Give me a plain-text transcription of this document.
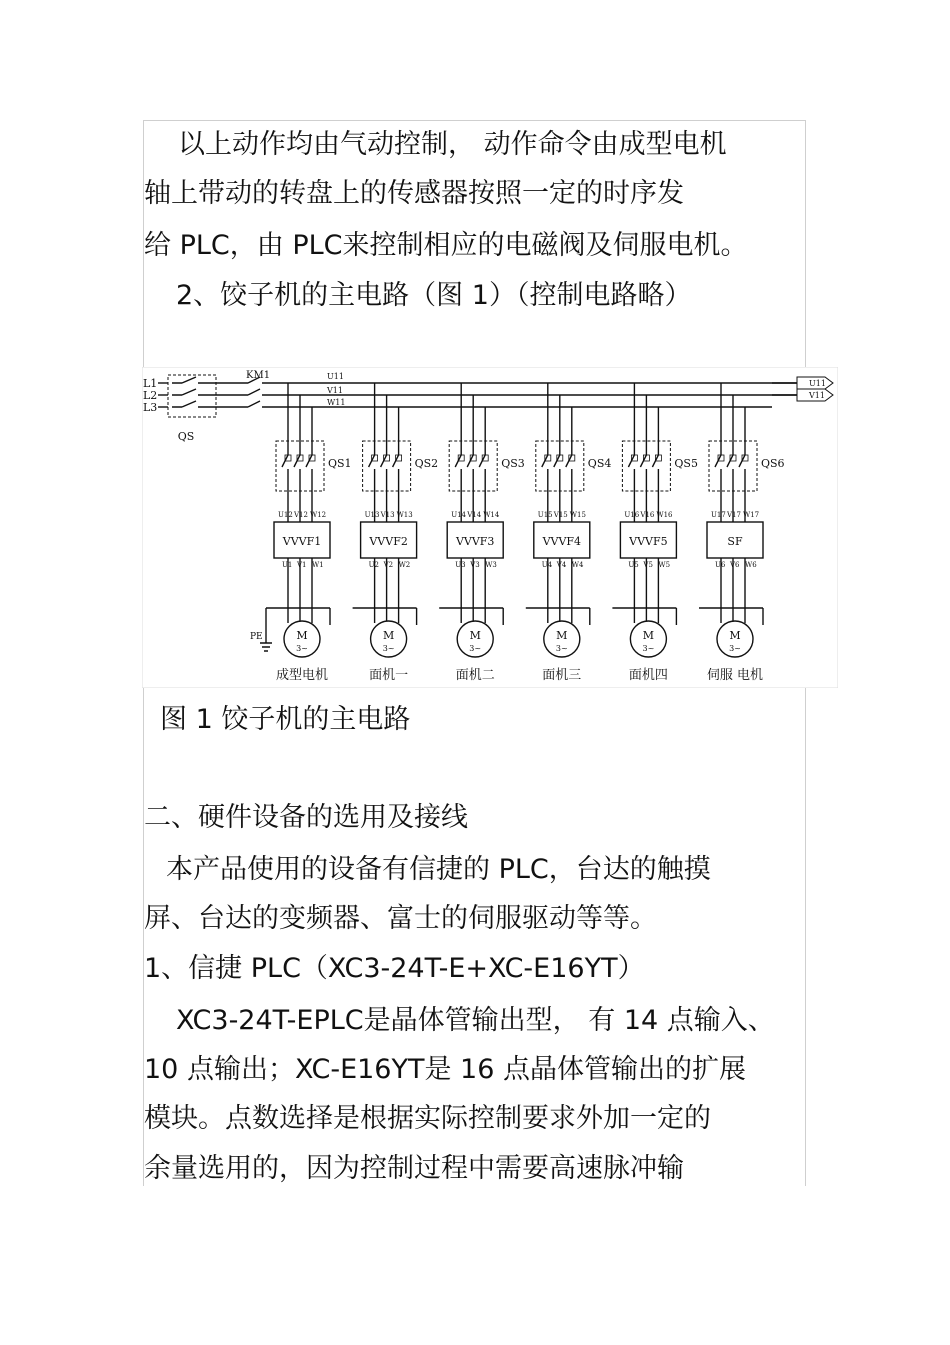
以上动作均由气动控制， 动作命令由成型电机
轴上带动的转盘上的传感器按照一定的时序发
给 PLC，由 PLC来控制相应的电磁阀及伺服电机。
2、饺子机的主电路（图 1）（控制电路略）
L1
L2
L3
QS
KM1	U11
V11
W11
U11
V11
QS1
U12 V12 W12
VVVF1
U1 V1 W1
M
3~
成型电机
QS2
U13 V13 W13
VVVF2
U2 V2 W2
M
3~
面机一
QS3
U14 V14 W14
VVVF3
U3 V3 W3
M
3~
面机二
QS4
U15 V15 W15
VVVF4
U4 V4 W4
M
3~
面机三
QS5
U16 V16 W16
VVVF5
U5 V5 W5
M
3~
面机四
QS6
U17 V17 W17
SF
U6 V6 W6
M
3~
伺服 电机
PE
图 1 饺子机的主电路
二、硬件设备的选用及接线
本产品使用的设备有信捷的 PLC，台达的触摸
屏、台达的变频器、富士的伺服驱动等等。
1、信捷 PLC（XC3-24T-E+XC-E16YT）
XC3-24T-EPLC是晶体管输出型， 有 14 点输入、
10 点输出；XC-E16YT是 16 点晶体管输出的扩展
模块。点数选择是根据实际控制要求外加一定的
余量选用的，因为控制过程中需要高速脉冲输
